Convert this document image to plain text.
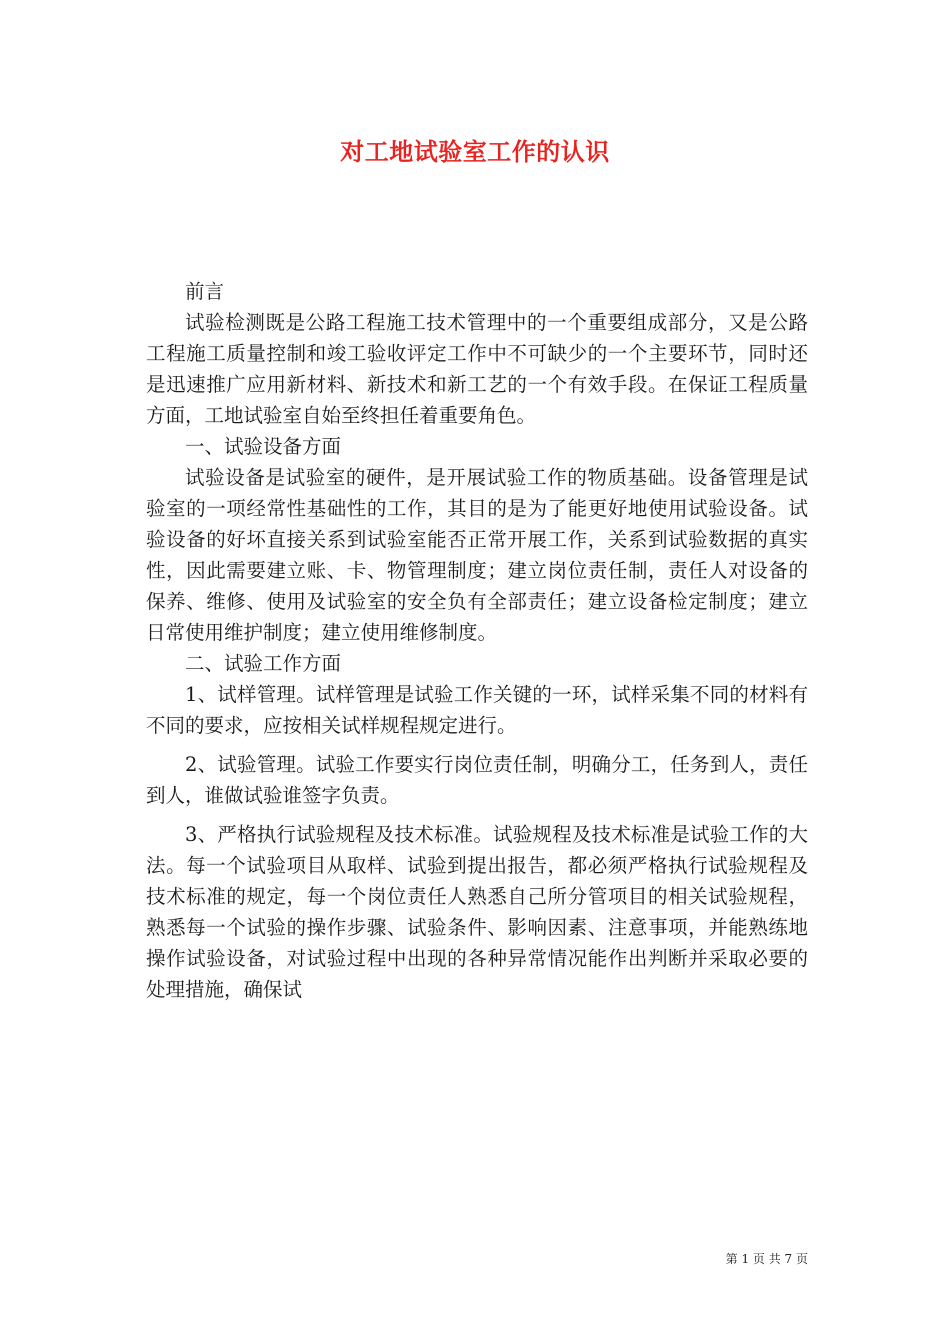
对工地试验室工作的认识

前言

试验检测既是公路工程施工技术管理中的一个重要组成部分，又是公路工程施工质量控制和竣工验收评定工作中不可缺少的一个主要环节，同时还是迅速推广应用新材料、新技术和新工艺的一个有效手段。在保证工程质量方面，工地试验室自始至终担任着重要角色。

一、试验设备方面

试验设备是试验室的硬件，是开展试验工作的物质基础。设备管理是试验室的一项经常性基础性的工作，其目的是为了能更好地使用试验设备。试验设备的好坏直接关系到试验室能否正常开展工作，关系到试验数据的真实性，因此需要建立账、卡、物管理制度；建立岗位责任制，责任人对设备的保养、维修、使用及试验室的安全负有全部责任；建立设备检定制度；建立日常使用维护制度；建立使用维修制度。

二、试验工作方面

1、试样管理。试样管理是试验工作关键的一环，试样采集不同的材料有不同的要求，应按相关试样规程规定进行。

2、试验管理。试验工作要实行岗位责任制，明确分工，任务到人，责任到人，谁做试验谁签字负责。

3、严格执行试验规程及技术标准。试验规程及技术标准是试验工作的大法。每一个试验项目从取样、试验到提出报告，都必须严格执行试验规程及技术标准的规定，每一个岗位责任人熟悉自己所分管项目的相关试验规程，熟悉每一个试验的操作步骤、试验条件、影响因素、注意事项，并能熟练地操作试验设备，对试验过程中出现的各种异常情况能作出判断并采取必要的处理措施，确保试

第 1 页 共 7 页
